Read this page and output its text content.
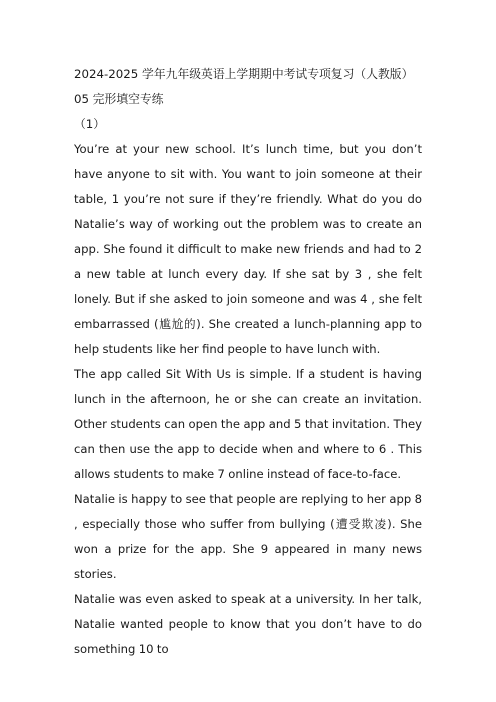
2024-2025 学年九年级英语上学期期中考试专项复习（人教版）

05 完形填空专练

（1）

You’re at your new school. It’s lunch time, but you don’t have anyone to sit with. You want to join someone at their table, 1 you’re not sure if they’re friendly. What do you do Natalie’s way of working out the problem was to create an app. She found it difficult to make new friends and had to 2 a new table at lunch every day. If she sat by 3 , she felt lonely. But if she asked to join someone and was 4 , she felt embarrassed (尴尬的). She created a lunch-planning app to help students like her find people to have lunch with.

The app called Sit With Us is simple. If a student is having lunch in the afternoon, he or she can create an invitation. Other students can open the app and 5 that invitation. They can then use the app to decide when and where to 6 . This allows students to make 7 online instead of face-to-face.

Natalie is happy to see that people are replying to her app 8 , especially those who suffer from bullying (遭受欺凌). She won a prize for the app. She 9 appeared in many news stories.

Natalie was even asked to speak at a university. In her talk, Natalie wanted people to know that you don’t have to do something 10 to
